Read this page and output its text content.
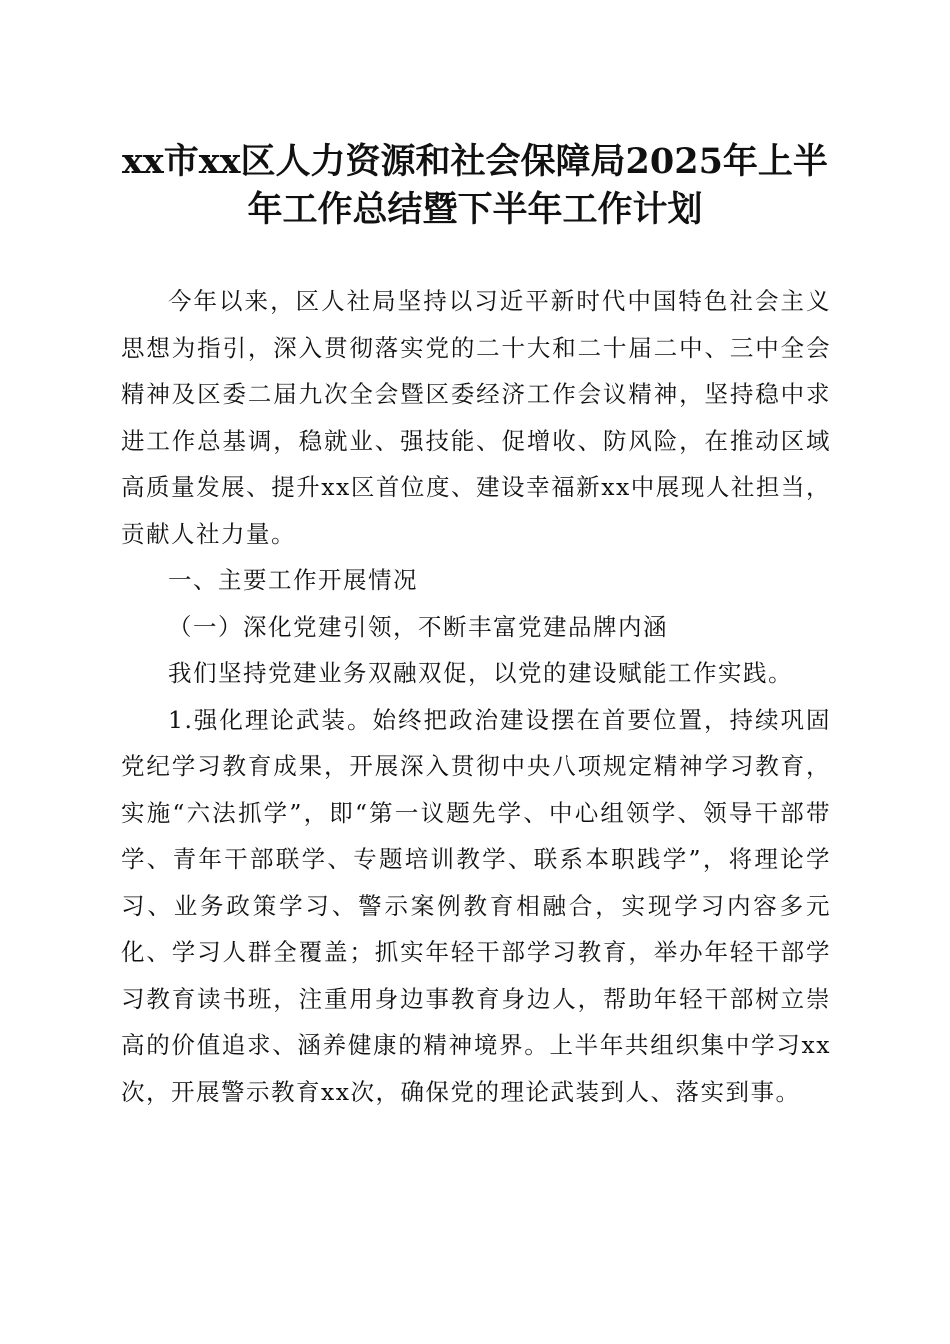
xx市xx区人力资源和社会保障局2025年上半
年工作总结暨下半年工作计划

今年以来，区人社局坚持以习近平新时代中国特色社会主义思想为指引，深入贯彻落实党的二十大和二十届二中、三中全会精神及区委二届九次全会暨区委经济工作会议精神，坚持稳中求进工作总基调，稳就业、强技能、促增收、防风险，在推动区域高质量发展、提升xx区首位度、建设幸福新xx中展现人社担当，贡献人社力量。

一、主要工作开展情况

（一）深化党建引领，不断丰富党建品牌内涵

我们坚持党建业务双融双促，以党的建设赋能工作实践。

1.强化理论武装。始终把政治建设摆在首要位置，持续巩固党纪学习教育成果，开展深入贯彻中央八项规定精神学习教育，实施“六法抓学”，即“第一议题先学、中心组领学、领导干部带学、青年干部联学、专题培训教学、联系本职践学”，将理论学习、业务政策学习、警示案例教育相融合，实现学习内容多元化、学习人群全覆盖；抓实年轻干部学习教育，举办年轻干部学习教育读书班，注重用身边事教育身边人，帮助年轻干部树立崇高的价值追求、涵养健康的精神境界。上半年共组织集中学习xx次，开展警示教育xx次，确保党的理论武装到人、落实到事。
